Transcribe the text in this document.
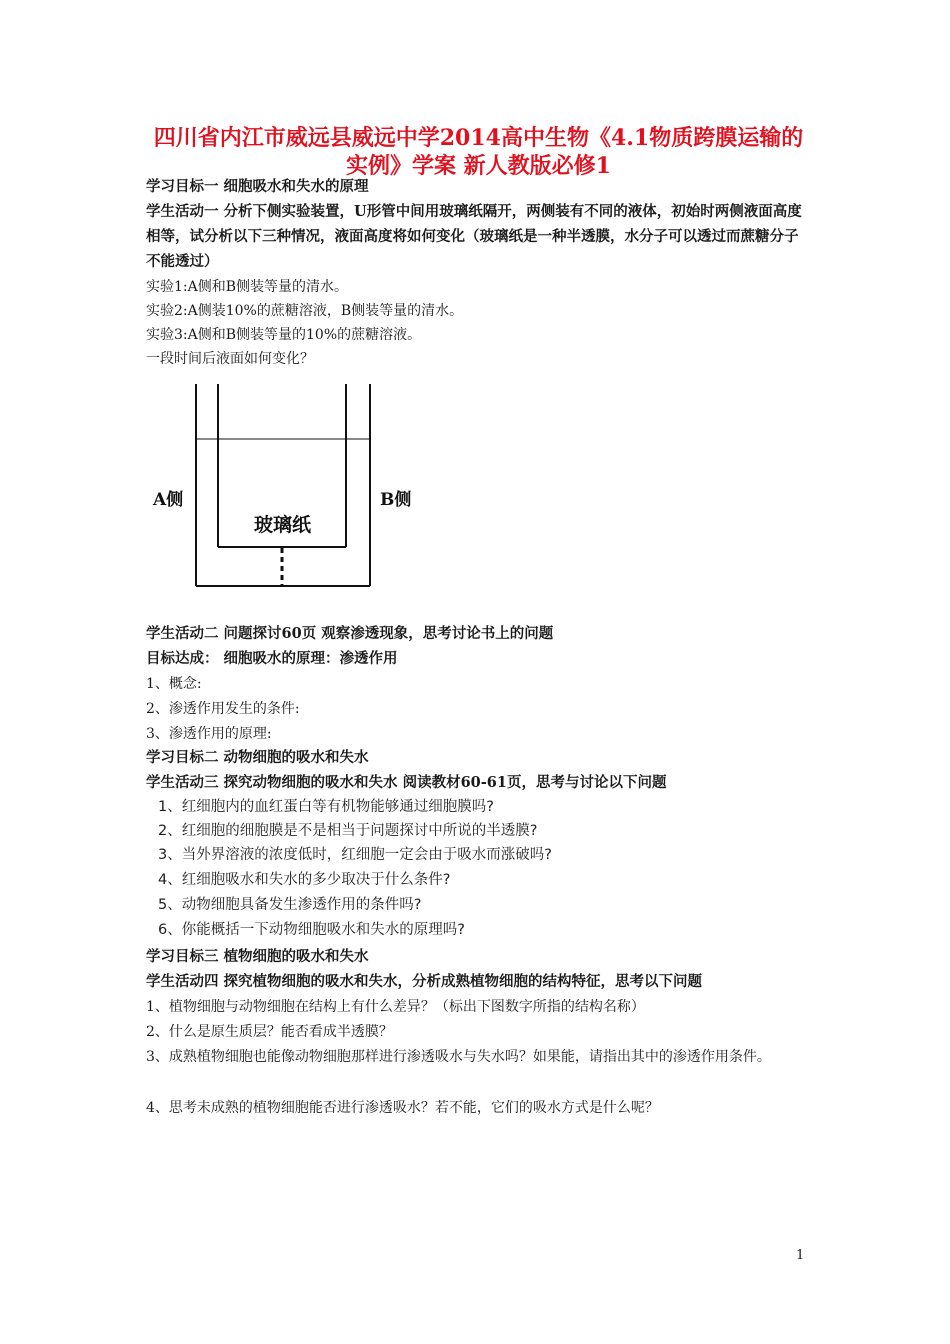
四川省内江市威远县威远中学2014高中生物《4.1物质跨膜运输的实例》学案 新人教版必修1
学习目标一 细胞吸水和失水的原理
学生活动一 分析下侧实验装置，U形管中间用玻璃纸隔开，两侧装有不同的液体，初始时两侧液面高度相等，试分析以下三种情况，液面高度将如何变化（玻璃纸是一种半透膜，水分子可以透过而蔗糖分子不能透过）
实验1:A侧和B侧装等量的清水。
实验2:A侧装10%的蔗糖溶液，B侧装等量的清水。
实验3:A侧和B侧装等量的10%的蔗糖溶液。
一段时间后液面如何变化？
A侧	B侧
玻璃纸
学生活动二 问题探讨60页 观察渗透现象，思考讨论书上的问题
目标达成： 细胞吸水的原理：渗透作用
1、概念:
2、渗透作用发生的条件:
3、渗透作用的原理:
学习目标二 动物细胞的吸水和失水
学生活动三 探究动物细胞的吸水和失水 阅读教材60-61页，思考与讨论以下问题
1、红细胞内的血红蛋白等有机物能够通过细胞膜吗?
2、红细胞的细胞膜是不是相当于问题探讨中所说的半透膜?
3、当外界溶液的浓度低时，红细胞一定会由于吸水而涨破吗?
4、红细胞吸水和失水的多少取决于什么条件?
5、动物细胞具备发生渗透作用的条件吗?
6、你能概括一下动物细胞吸水和失水的原理吗?
学习目标三 植物细胞的吸水和失水
学生活动四 探究植物细胞的吸水和失水，分析成熟植物细胞的结构特征，思考以下问题
1、植物细胞与动物细胞在结构上有什么差异？（标出下图数字所指的结构名称）
2、什么是原生质层？能否看成半透膜？
3、成熟植物细胞也能像动物细胞那样进行渗透吸水与失水吗？如果能，请指出其中的渗透作用条件。
4、思考未成熟的植物细胞能否进行渗透吸水？若不能，它们的吸水方式是什么呢？
1
